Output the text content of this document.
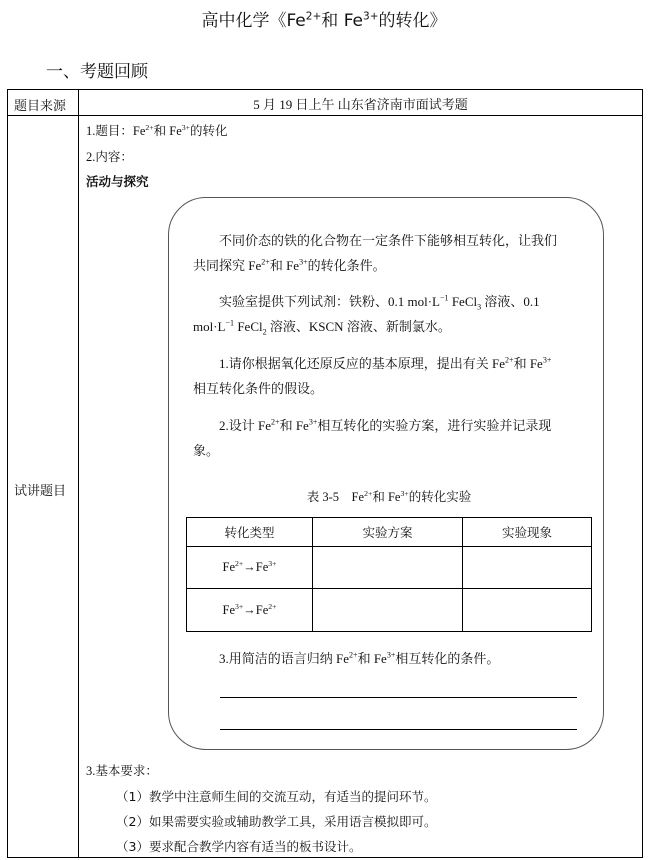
高中化学《$Fe^{2+}$和 $Fe^{3+}$的转化》
一、考题回顾
题目来源	5 月 19 日上午 山东省济南市面试考题
试讲题目
1.题目：$Fe^{2+}$和 $Fe^{3+}$的转化
2.内容：
活动与探究
不同价态的铁的化合物在一定条件下能够相互转化，让我们
共同探究 $Fe^{2+}$和 $Fe^{3+}$的转化条件。
实验室提供下列试剂：铁粉、0.1 $mol\cdot L^{-1}$ FeCl$_3$ 溶液、0.1
$mol\cdot L^{-1}$ FeCl$_2$ 溶液、KSCN 溶液、新制氯水。
1.请你根据氧化还原反应的基本原理，提出有关 $Fe^{2+}$和 $Fe^{3+}$
相互转化条件的假设。
2.设计 $Fe^{2+}$和 $Fe^{3+}$相互转化的实验方案，进行实验并记录现
象。
表 3-5    $Fe^{2+}$和 $Fe^{3+}$的转化实验
转化类型	实验方案	实验现象
$Fe^{2+}\to Fe^{3+}$		
$Fe^{3+}\to Fe^{2+}$		
3.用简洁的语言归纳 $Fe^{2+}$和 $Fe^{3+}$相互转化的条件。
3.基本要求：
（1）教学中注意师生间的交流互动，有适当的提问环节。
（2）如果需要实验或辅助教学工具，采用语言模拟即可。
（3）要求配合教学内容有适当的板书设计。
